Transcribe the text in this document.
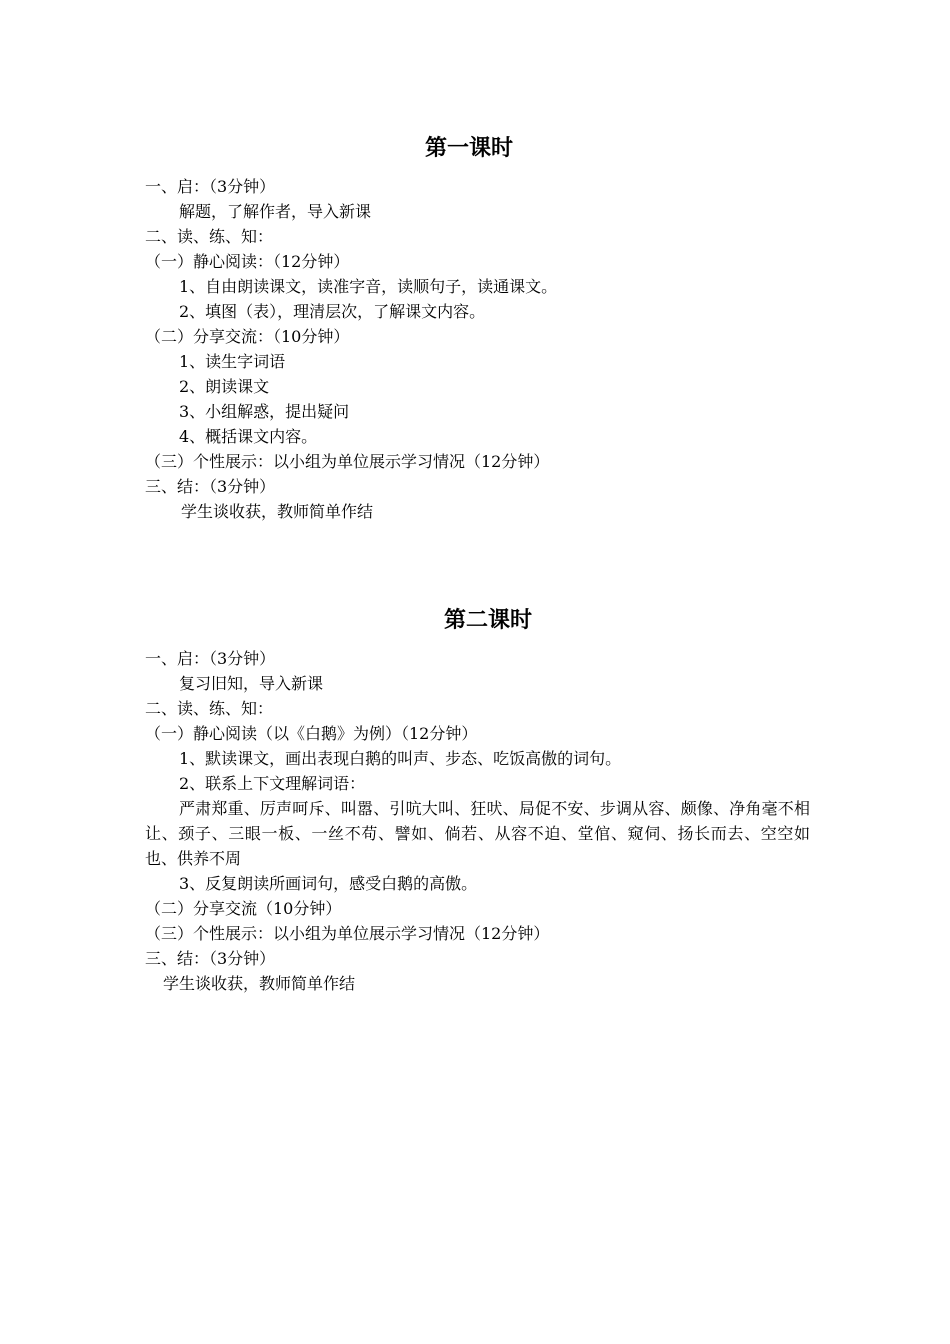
第一课时
一、启：（3分钟）
解题，了解作者，导入新课
二、读、练、知：
（一）静心阅读：（12分钟）
1、自由朗读课文，读准字音，读顺句子，读通课文。
2、填图（表），理清层次，了解课文内容。
（二）分享交流：（10分钟）
1、读生字词语
2、朗读课文
3、小组解惑，提出疑问
4、概括课文内容。
（三）个性展示：以小组为单位展示学习情况（12分钟）
三、结：（3分钟）
学生谈收获，教师简单作结
第二课时
一、启：（3分钟）
复习旧知，导入新课
二、读、练、知：
（一）静心阅读（以《白鹅》为例）（12分钟）
1、默读课文，画出表现白鹅的叫声、步态、吃饭高傲的词句。
2、联系上下文理解词语：
严肃郑重、厉声呵斥、叫嚣、引吭大叫、狂吠、局促不安、步调从容、颇像、净角毫不相让、颈子、三眼一板、一丝不苟、譬如、倘若、从容不迫、堂倌、窥伺、扬长而去、空空如也、供养不周
3、反复朗读所画词句，感受白鹅的高傲。
（二）分享交流（10分钟）
（三）个性展示：以小组为单位展示学习情况（12分钟）
三、结：（3分钟）
学生谈收获，教师简单作结
